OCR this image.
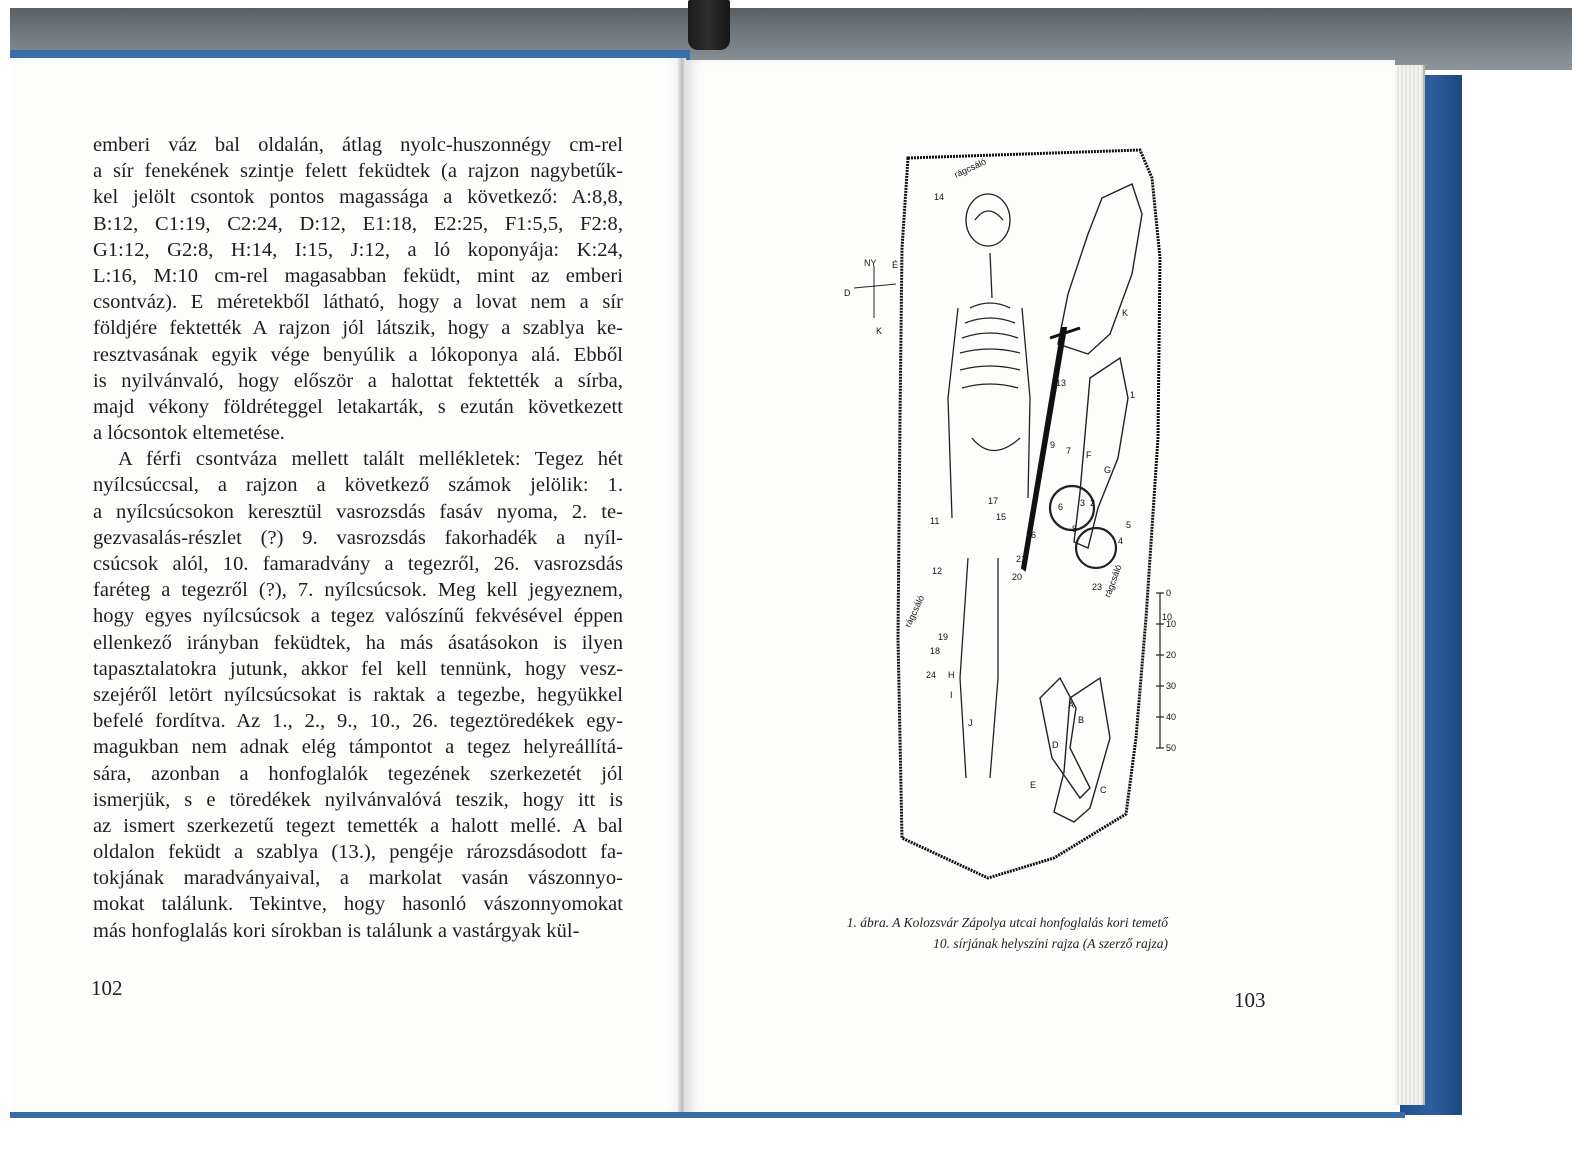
emberi váz bal oldalán, átlag nyolc-huszonnégy cm-rel
a sír fenekének szintje felett feküdtek (a rajzon nagybetűk-
kel jelölt csontok pontos magassága a következő: A:8,8,
B:12, C1:19, C2:24, D:12, E1:18, E2:25, F1:5,5, F2:8,
G1:12, G2:8, H:14, I:15, J:12, a ló koponyája: K:24,
L:16, M:10 cm-rel magasabban feküdt, mint az emberi
csontváz). E méretekből látható, hogy a lovat nem a sír
földjére fektették A rajzon jól látszik, hogy a szablya ke-
resztvasának egyik vége benyúlik a lókoponya alá. Ebből
is nyilvánvaló, hogy először a halottat fektették a sírba,
majd vékony földréteggel letakarták, s ezután következett
a lócsontok eltemetése.
A férfi csontváza mellett talált mellékletek: Tegez hét
nyílcsúccsal, a rajzon a következő számok jelölik: 1.
a nyílcsúcsokon keresztül vasrozsdás fasáv nyoma, 2. te-
gezvasalás-részlet (?) 9. vasrozsdás fakorhadék a nyíl-
csúcsok alól, 10. famaradvány a tegezről, 26. vasrozsdás
faréteg a tegezről (?), 7. nyílcsúcsok. Meg kell jegyeznem,
hogy egyes nyílcsúcsok a tegez valószínű fekvésével éppen
ellenkező irányban feküdtek, ha más ásatásokon is ilyen
tapasztalatokra jutunk, akkor fel kell tennünk, hogy vesz-
szejéről letört nyílcsúcsokat is raktak a tegezbe, hegyükkel
befelé fordítva. Az 1., 2., 9., 10., 26. tegeztöredékek egy-
magukban nem adnak elég támpontot a tegez helyreállítá-
sára, azonban a honfoglalók tegezének szerkezetét jól
ismerjük, s e töredékek nyilvánvalóvá teszik, hogy itt is
az ismert szerkezetű tegezt temették a halott mellé. A bal
oldalon feküdt a szablya (13.), pengéje rározsdásodott fa-
tokjának maradványaival, a markolat vasán vászonnyo-
mokat találunk. Tekintve, hogy hasonló vászonnyomokat
más honfoglalás kori sírokban is találunk a vastárgyak kül-
102
NY É
D
K
rágcsáló
rágcsáló
rágcsáló
K
G
F
E
D
C
B
A
J
I
H
14
13
1
9
7
8
3 2
6
5
4
26
17
15
11
12
21
20
23
19
18
24
10
0
10
20
30
40
50
1. ábra. A Kolozsvár Zápolya utcai honfoglalás kori temető
10. sírjának helyszíni rajza (A szerző rajza)
103
